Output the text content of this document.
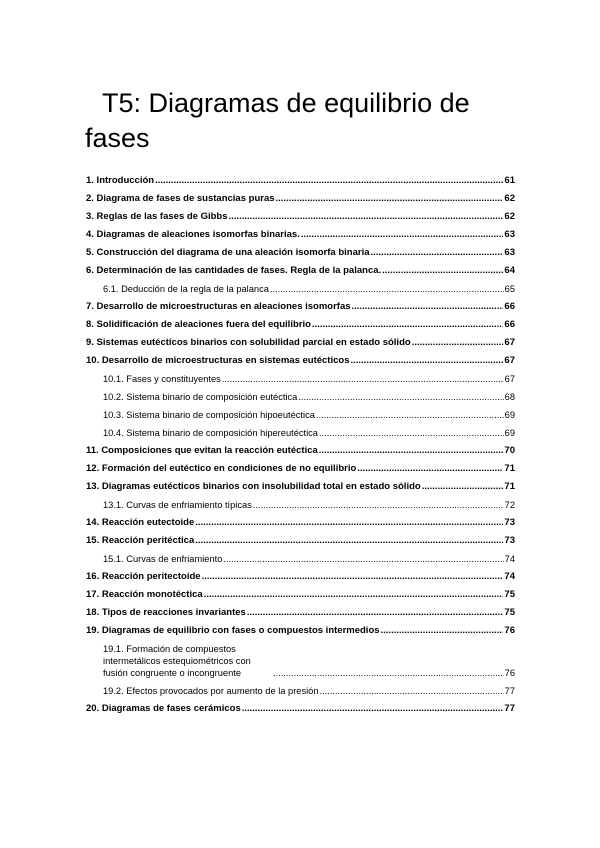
T5: Diagramas de equilibrio de fases
1. Introducción .....	61
2. Diagrama de fases de sustancias puras .....	62
3. Reglas de las fases de Gibbs .....	62
4. Diagramas de aleaciones isomorfas binarias. .....	63
5. Construcción del diagrama de una aleación isomorfa binaria .....	63
6. Determinación de las cantidades de fases. Regla de la palanca. .....	64
6.1. Deducción de la regla de la palanca .....	65
7. Desarrollo de microestructuras en aleaciones isomorfas .....	66
8. Solidificación de aleaciones fuera del equilibrio .....	66
9. Sistemas eutécticos binarios con solubilidad parcial en estado sólido .....	67
10. Desarrollo de microestructuras en sistemas eutécticos .....	67
10.1. Fases y constituyentes .....	67
10.2. Sistema binario de composición eutéctica .....	68
10.3. Sistema binario de composición hipoeutéctica .....	69
10.4. Sistema binario de composición hipereutéctica .....	69
11. Composiciones que evitan la reacción eutéctica .....	70
12. Formación del eutéctico en condiciones de no equilibrio .....	71
13. Diagramas eutécticos binarios con insolubilidad total en estado sólido .....	71
13.1. Curvas de enfriamiento típicas .....	72
14. Reacción eutectoide .....	73
15. Reacción peritéctica .....	73
15.1. Curvas de enfriamiento .....	74
16. Reacción peritectoide .....	74
17. Reacción monotéctica .....	75
18. Tipos de reacciones invariantes .....	75
19. Diagramas de equilibrio con fases o compuestos intermedios .....	76
19.1. Formación de compuestos intermetálicos estequiométricos con fusión congruente o incongruente .....	76
19.2. Efectos provocados por aumento de la presión .....	77
20. Diagramas de fases cerámicos .....	77
